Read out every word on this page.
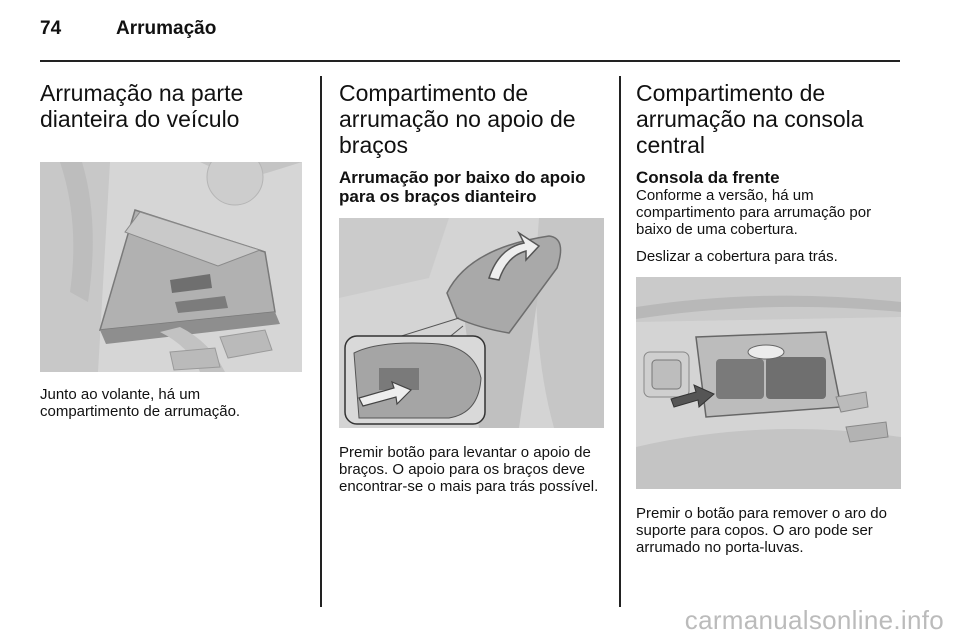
74	Arrumação
Arrumação na parte dianteira do veículo

Junto ao volante, há um compartimento de arrumação.

Compartimento de arrumação no apoio de braços
Arrumação por baixo do apoio para os braços dianteiro

Premir botão para levantar o apoio de braços. O apoio para os braços deve encontrar-se o mais para trás possível.

Compartimento de arrumação na consola central
Consola da frente

Conforme a versão, há um compartimento para arrumação por baixo de uma cobertura.

Deslizar a cobertura para trás.

Premir o botão para remover o aro do suporte para copos. O aro pode ser arrumado no porta-luvas.

carmanualsonline.info
